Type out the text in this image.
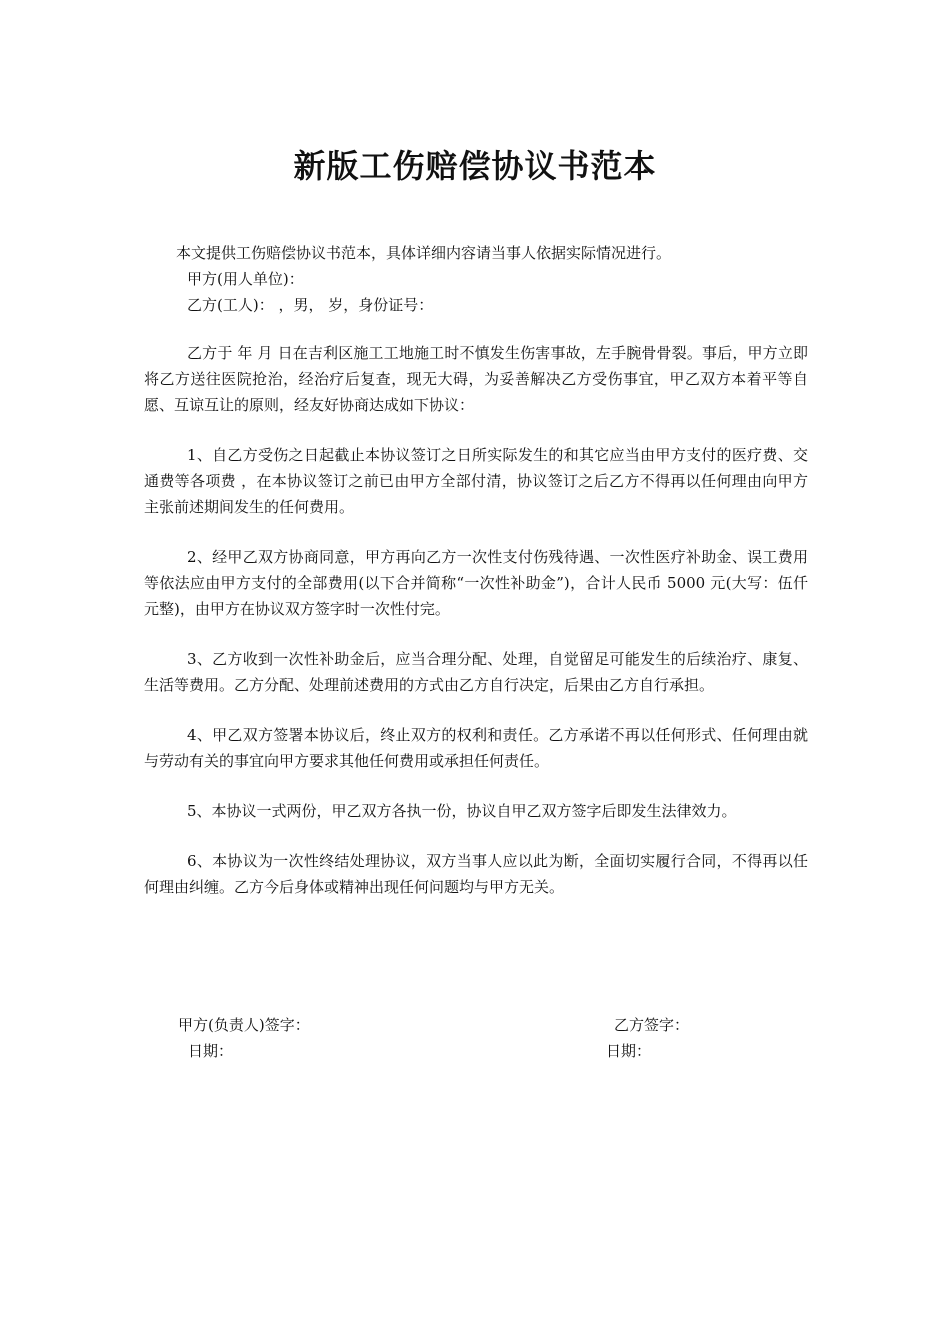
新版工伤赔偿协议书范本
本文提供工伤赔偿协议书范本，具体详细内容请当事人依据实际情况进行。
甲方(用人单位)：
乙方(工人)： ，男， 岁，身份证号：

乙方于 年 月 日在吉利区施工工地施工时不慎发生伤害事故，左手腕骨骨裂。事后，甲方立即将乙方送往医院抢治，经治疗后复查，现无大碍，为妥善解决乙方受伤事宜，甲乙双方本着平等自愿、互谅互让的原则，经友好协商达成如下协议：

1、自乙方受伤之日起截止本协议签订之日所实际发生的和其它应当由甲方支付的医疗费、交通费等各项费 ，在本协议签订之前已由甲方全部付清，协议签订之后乙方不得再以任何理由向甲方主张前述期间发生的任何费用。

2、经甲乙双方协商同意，甲方再向乙方一次性支付伤残待遇、一次性医疗补助金、误工费用等依法应由甲方支付的全部费用(以下合并简称“一次性补助金”)，合计人民币 5000 元(大写：伍仟元整)，由甲方在协议双方签字时一次性付完。

3、乙方收到一次性补助金后，应当合理分配、处理，自觉留足可能发生的后续治疗、康复、生活等费用。乙方分配、处理前述费用的方式由乙方自行决定，后果由乙方自行承担。

4、甲乙双方签署本协议后，终止双方的权利和责任。乙方承诺不再以任何形式、任何理由就与劳动有关的事宜向甲方要求其他任何费用或承担任何责任。

5、本协议一式两份，甲乙双方各执一份，协议自甲乙双方签字后即发生法律效力。

6、本协议为一次性终结处理协议，双方当事人应以此为断，全面切实履行合同，不得再以任何理由纠缠。乙方今后身体或精神出现任何问题均与甲方无关。

甲方(负责人)签字：
日期：
乙方签字：
日期：
